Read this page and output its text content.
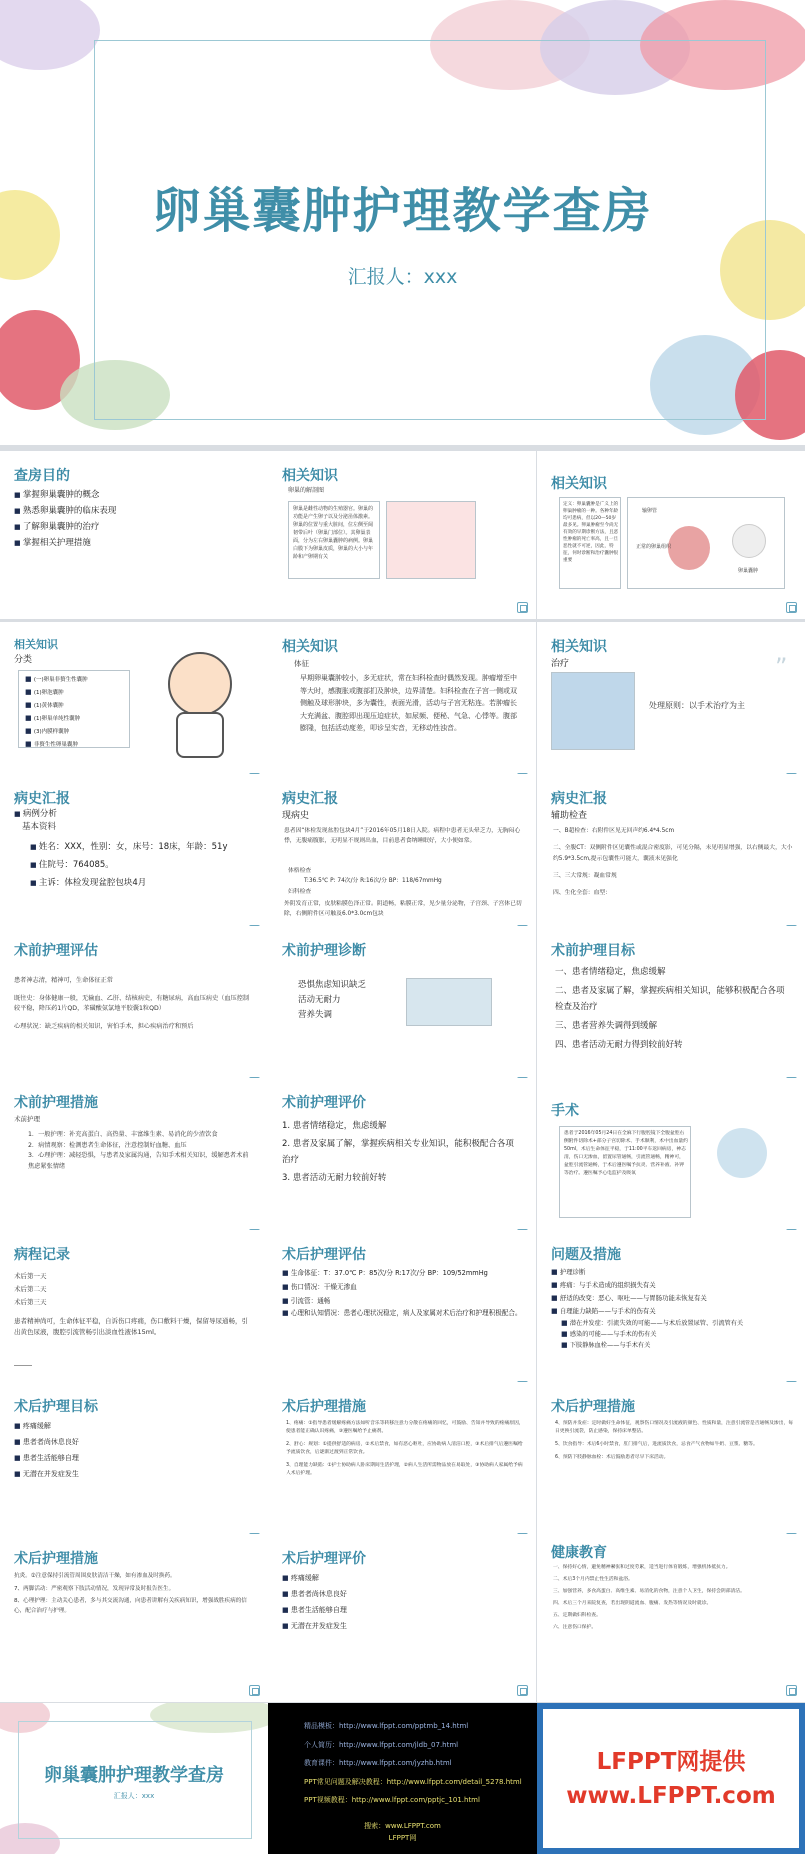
卵巢囊肿护理教学查房
汇报人：xxx
查房目的
■ 掌握卵巢囊肿的概念
■ 熟悉卵巢囊肿的临床表现
■ 了解卵巢囊肿的治疗
■ 掌握相关护理措施
相关知识
卵巢的解剖图
卵巢是雌性动物的生殖器官。卵巢的功能是产生卵子以及分泌甾体激素。卵巢的位置与重大脏间，位左侧至阔韧带后叶（卵巢门部位）。其卵巢表面，分为左右卵巢囊肿的病例。卵巢白膜下为卵巢皮质，卵巢的大小与年龄和产卵期有关
相关知识
定义：卵巢囊肿是广义上的卵巢肿瘤的一种。各种年龄均可患病，但以20—50岁最多见。卵巢肿瘤至今尚无有效的早期诊断方法，且恶性肿瘤的死亡率高，且一旦恶性就不可逆，因此，特征，何时诊断和治疗囊肿很重要
输卵管
正常的卵巢组织
卵巢囊肿
相关知识
分类
■ (一)卵巢非赘生性囊肿
■ (1)卵泡囊肿
■ (1)黄体囊肿
■ (1)卵巢单纯性囊肿
■ (3)内膜样囊肿
■ 非赘生性卵巢囊肿
相关知识
体征
早期卵巢囊肿较小，多无症状，常在妇科检查时偶然发现。肿瘤增至中等大时，感腹胀或腹部扪及肿块，边界清楚。妇科检查在子宫一侧或双侧触及球形肿块，多为囊性，表面光滑，活动与子宫无粘连。若肿瘤长大充满盆、腹腔即出现压迫症状，如尿频、便秘、气急、心悸等。腹部膨隆，包括活动度差，叩诊呈实音，无移动性浊音。
相关知识
治疗
处理原则：以手术治疗为主
”
病史汇报
■ 病例分析
基本资料
■ 姓名：XXX，性别：女，床号：18床，年龄：51y
■ 住院号：764085。
■ 主诉：体检发现盆腔包块4月
病史汇报
现病史
患者因“体检发现盆腔包块4月”于2016年05月18日入院。病程中患者无头晕乏力，无胸闷心悸，无腹痛腹胀，无明显不规则出血，目前患者食纳睡眠好，大小便如常。
体格检查
T:36.5℃ P: 74次/分 R:16次/分 BP：118/67mmHg
妇科检查
外阴发育正常，皮肤粘膜色泽正常。阴道畅，粘膜正常，见少量分泌物，子宫颈、子宫体已切除，右侧附件区可触及6.0*3.0cm包块
病史汇报
辅助检查
一、B超检查：右附件区见无回声约6.4*4.5cm
二、全腹CT：双侧附件区见囊性或混合密度影，可见分隔，未见明显增强，以右侧最大，大小约5.9*3.5cm,提示包囊性可能大，囊液未见强化
三、三大常规：凝血常规
四、生化全套：血型：
术前护理评估
患者神志清，精神可，生命体征正常
既往史：身体健康一般，无输血、乙肝、结核病史，有糖尿病，高血压病史（血压控制较平稳，降压药1片QD，苯磺酸氨氯地平胶囊1粒QD）
心理状况：缺乏疾病的相关知识，害怕手术，担心疾病治疗和预后
术前护理诊断
恐惧焦虑知识缺乏
活动无耐力
营养失调
术前护理目标
一、患者情绪稳定，焦虑缓解
二、患者及家属了解，掌握疾病相关知识，能够积极配合各项检查及治疗
三、患者营养失调得到缓解
四、患者活动无耐力得到较前好转
术前护理措施
术前护理
1．一般护理：补充高蛋白、高热量、丰富维生素、易消化的少渣饮食
2．病情观察：检测患者生命体征，注意控制好血糖、血压
3．心理护理：减轻恐惧，与患者及家属沟通，告知手术相关知识，缓解患者术前焦虑紧张情绪
术前护理评价
1. 患者情绪稳定，焦虑缓解
2. 患者及家属了解，掌握疾病相关专业知识，能积极配合各项治疗
3. 患者活动无耐力较前好转
手术
患者于2016年05月24日在全麻下行腹腔镜下全腹盆腔右侧附件切除术+部分子宫切除术、手术顺利，术中出血量约50ml，术后生命体征平稳，于11:00平车返回病房，神志清，伤口无渗血，留置尿管通畅，引流管通畅，精神可，盆腔引流管通畅，于术后遵医嘱予抗炎、营养补液、补钾等治疗。遵医嘱予心电监护及吸氧
病程记录
术后第一天
术后第二天
术后第三天
患者精神尚可，生命体征平稳，自诉伤口疼痛，伤口敷料干燥，保留导尿通畅，引出黄色尿液，腹腔引流管畅引出淡血性液体15ml。
术后护理评估
■ 生命体征：T：37.0℃ P：85次/分 R:17次/分 BP：109/52mmHg
■ 伤口情况：干燥无渗血
■ 引流管：通畅
■ 心理和认知情况：患者心理状况稳定，病人及家属对术后治疗和护理积极配合。
问题及措施
■ 护理诊断
■ 疼痛：与手术造成的组织损失有关
■ 舒适的改变：恶心、呕吐——与胃肠功能未恢复有关
■ 自理能力缺陷——与手术的伤有关
■ 潜在并发症：引流失效的可能——与术后放置尿管、引流管有关
■ 感染的可能——与手术的伤有关
■ 下肢静脉血栓——与手术有关
术后护理目标
■ 疼痛缓解
■ 患者者尚休息良好
■ 患者生活能够自理
■ 无潜在并发症发生
术后护理措施
1、疼痛：①指导患者缓解疼痛方法如听音乐等转移注意力分散在疼痛的回忆，可鼓励、告知并导致的疼痛原因，使患者能正确认识疼痛，③遵医嘱给予止痛剂。
2、舒心：规划：①提供舒适的病房，②术后禁食，如有恶心呕吐，应协助病人清洁口腔，③术后排气后遵医嘱给予流质饮食，后逐渐过渡到正常饮食。
3、自理能力缺陷：①护士协助病人卧床期间生活护理，②病人生活所需物品放在易取处，③协助病人家属给予病人术后护理。
术后护理措施
4、预防并发症：定时做好生命体征，观察伤口情况及引流液的颜色、性质和量，注意引流管是否通畅及渗出，每日更换引流袋，防止感染，保持床单整洁。
5、饮食指导：术后6小时禁食，肛门排气后，进流质饮食，忌食产气食物如牛奶、豆浆、糖等。
6、预防下肢静脉血栓：术后鼓励患者尽早下床活动。
术后护理措施
抗炎。②注意保持引流管周围皮肤清洁干燥，如有渗血及时换药。
7、两脚活动：严密观察下肢活动情况，发现异常及时报告医生。
8、心理护理：主动关心患者，多与其交流沟通，向患者讲解有关疾病知识，增强战胜疾病的信心，配合治疗与护理。
术后护理评价
■ 疼痛缓解
■ 患者者尚休息良好
■ 患者生活能够自理
■ 无潜在并发症发生
健康教育
一、保持好心情，避免精神紧张和过度劳累，适当进行体育锻炼，增强机体抵抗力。
二、术后3个月内禁止性生活和盆浴。
三、加强营养，多食高蛋白、高维生素、易消化的食物，注意个人卫生，保持会阴部清洁。
四、术后三个月来院复查，若出现阴道流血、腹痛、发热等情况及时就诊。
五、定期做妇科检查。
六、注意伤口保护。
卵巢囊肿护理教学查房
汇报人：xxx
精品模板：http://www.lfppt.com/pptmb_14.html
个人简历：http://www.lfppt.com/jldb_07.html
教育课件：http://www.lfppt.com/jyzhb.html
PPT常见问题及解决教程：http://www.lfppt.com/detail_5278.html
PPT视频教程：http://www.lfppt.com/pptjc_101.html
搜索：www.LFPPT.com
LFPPT网
LFPPT网提供
www.LFPPT.com
